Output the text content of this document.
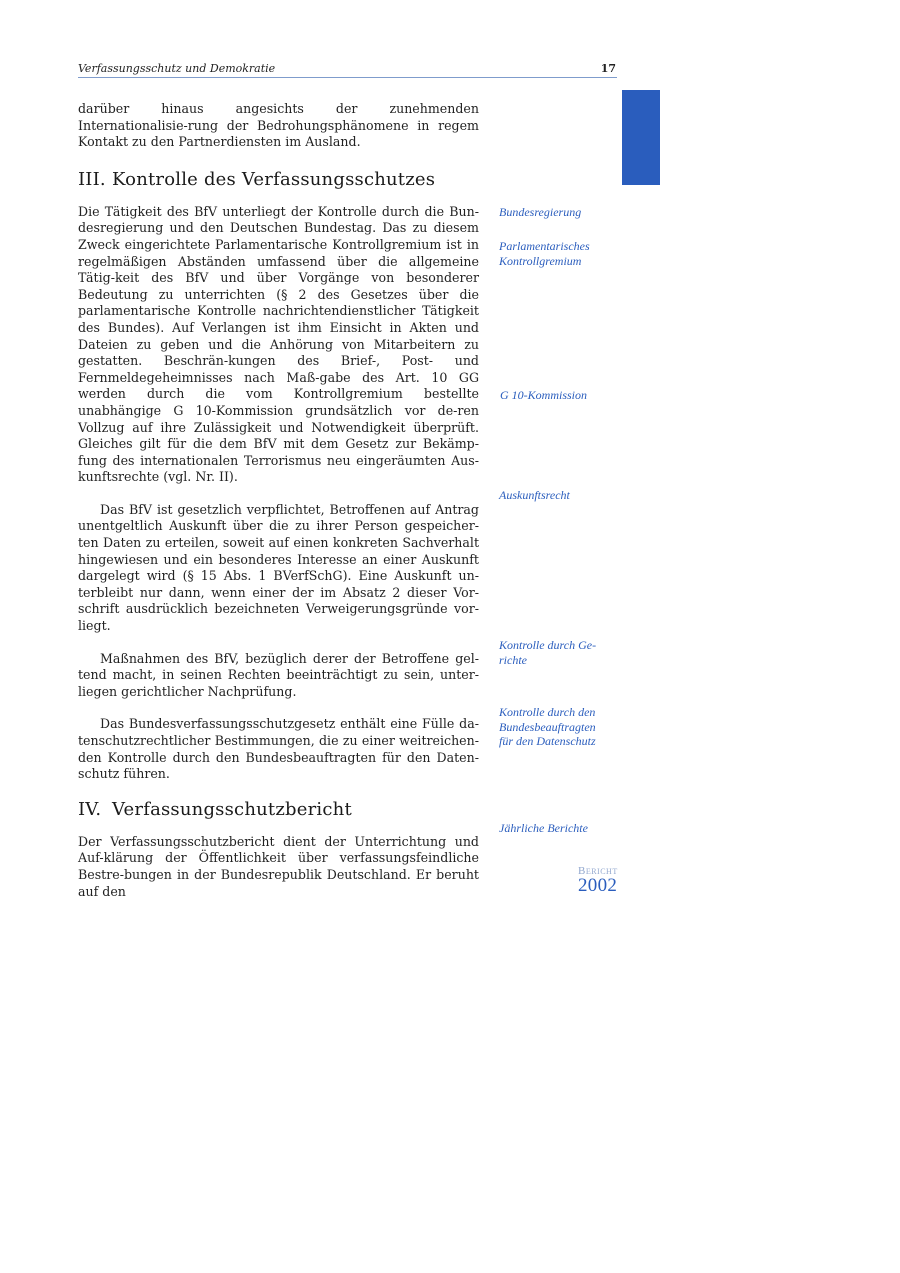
Verfassungsschutz und Demokratie	17

darüber hinaus angesichts der zunehmenden Internationalisie-rung der Bedrohungsphänomene in regem Kontakt zu den Partnerdiensten im Ausland.

III. Kontrolle des Verfassungsschutzes

Die Tätigkeit des BfV unterliegt der Kontrolle durch die Bun-desregierung und den Deutschen Bundestag. Das zu diesem Zweck eingerichtete Parlamentarische Kontrollgremium ist in regelmäßigen Abständen umfassend über die allgemeine Tätig-keit des BfV und über Vorgänge von besonderer Bedeutung zu unterrichten (§ 2 des Gesetzes über die parlamentarische Kontrolle nachrichtendienstlicher Tätigkeit des Bundes). Auf Verlangen ist ihm Einsicht in Akten und Dateien zu geben und die Anhörung von Mitarbeitern zu gestatten. Beschrän-kungen des Brief-, Post- und Fernmeldegeheimnisses nach Maß-gabe des Art. 10 GG werden durch die vom Kontrollgremium bestellte unabhängige G 10-Kommission grundsätzlich vor de-ren Vollzug auf ihre Zulässigkeit und Notwendigkeit überprüft. Gleiches gilt für die dem BfV mit dem Gesetz zur Bekämp-fung des internationalen Terrorismus neu eingeräumten Aus-kunftsrechte (vgl. Nr. II).

Das BfV ist gesetzlich verpflichtet, Betroffenen auf Antrag unentgeltlich Auskunft über die zu ihrer Person gespeicher-ten Daten zu erteilen, soweit auf einen konkreten Sachverhalt hingewiesen und ein besonderes Interesse an einer Auskunft dargelegt wird (§ 15 Abs. 1 BVerfSchG). Eine Auskunft un-terbleibt nur dann, wenn einer der im Absatz 2 dieser Vor-schrift ausdrücklich bezeichneten Verweigerungsgründe vor-liegt.

Maßnahmen des BfV, bezüglich derer der Betroffene gel-tend macht, in seinen Rechten beeinträchtigt zu sein, unter-liegen gerichtlicher Nachprüfung.

Das Bundesverfassungsschutzgesetz enthält eine Fülle da-tenschutzrechtlicher Bestimmungen, die zu einer weitreichen-den Kontrolle durch den Bundesbeauftragten für den Daten-schutz führen.

IV. Verfassungsschutzbericht

Der Verfassungsschutzbericht dient der Unterrichtung und Auf-klärung der Öffentlichkeit über verfassungsfeindliche Bestre-bungen in der Bundesrepublik Deutschland. Er beruht auf den

Bundesregierung
Parlamentarisches
Kontrollgremium
G 10-Kommission
Auskunftsrecht
Kontrolle durch Ge-
richte
Kontrolle durch den
Bundesbeauftragten
für den Datenschutz
Jährliche Berichte
Bericht
2002
